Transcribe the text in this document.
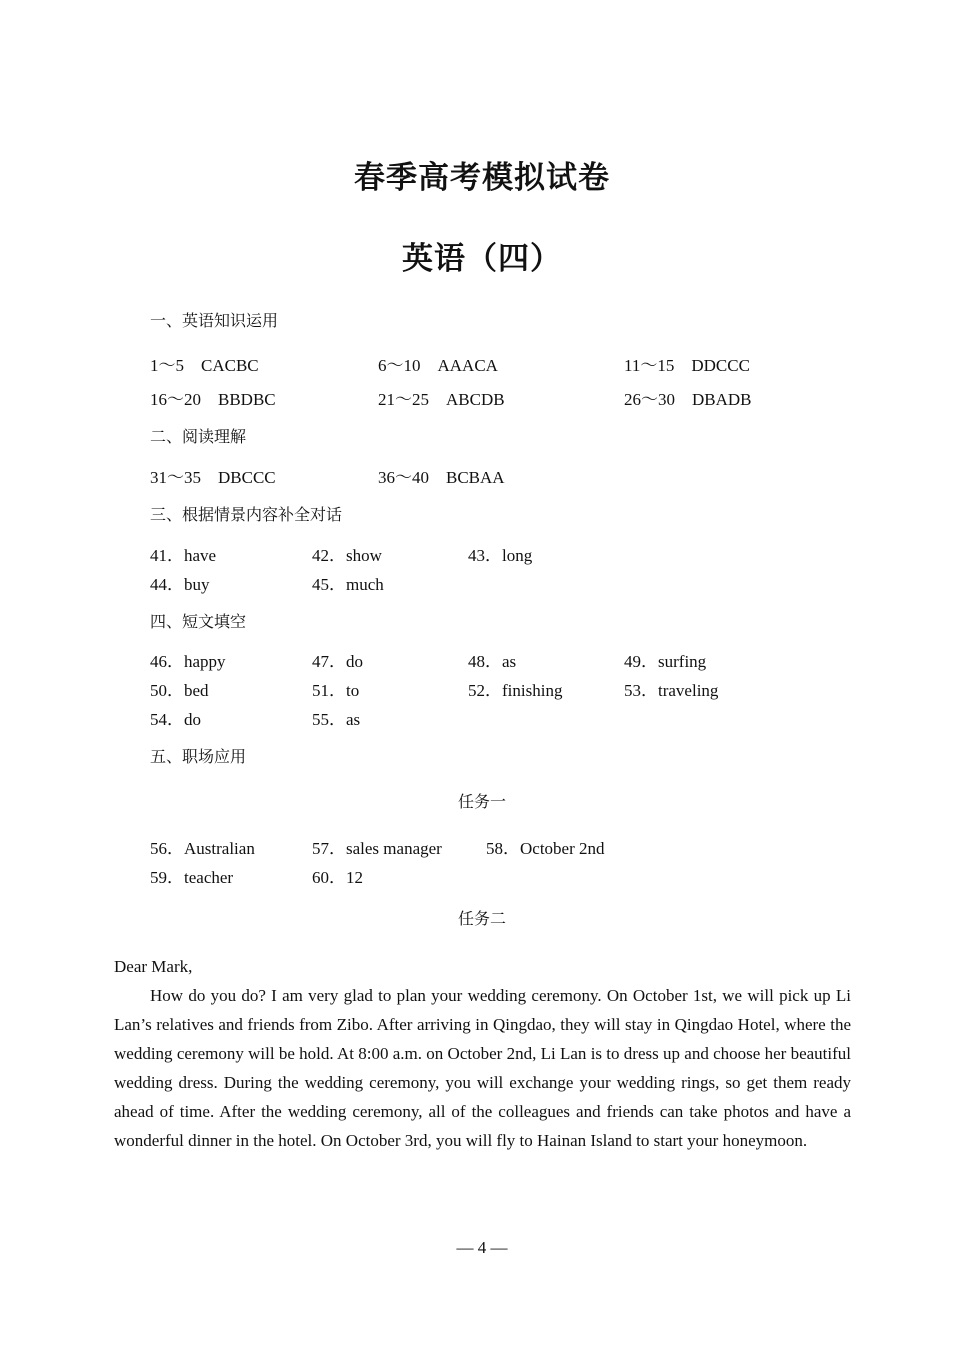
春季高考模拟试卷
英语（四）
一、英语知识运用
1～5　CACBC	6～10　AAACA	11～15　DDCCC
16～20　BBDBC	21～25　ABCDB	26～30　DBADB
二、阅读理解
31～35　DBCCC	36～40　BCBAA
三、根据情景内容补全对话
41．have	42．show	43．long
44．buy	45．much
四、短文填空
46．happy	47．do	48．as	49．surfing
50．bed	51．to	52．finishing	53．traveling
54．do	55．as
五、职场应用
任务一
56．Australian	57．sales manager	58．October 2nd
59．teacher	60．12
任务二

Dear Mark,

How do you do? I am very glad to plan your wedding ceremony. On October 1st, we will pick up Li Lan’s relatives and friends from Zibo. After arriving in Qingdao, they will stay in Qingdao Hotel, where the wedding ceremony will be hold. At 8:00 a.m. on October 2nd, Li Lan is to dress up and choose her beautiful wedding dress. During the wedding ceremony, you will exchange your wedding rings, so get them ready ahead of time. After the wedding ceremony, all of the colleagues and friends can take photos and have a wonderful dinner in the hotel. On October 3rd, you will fly to Hainan Island to start your honeymoon.

— 4 —
